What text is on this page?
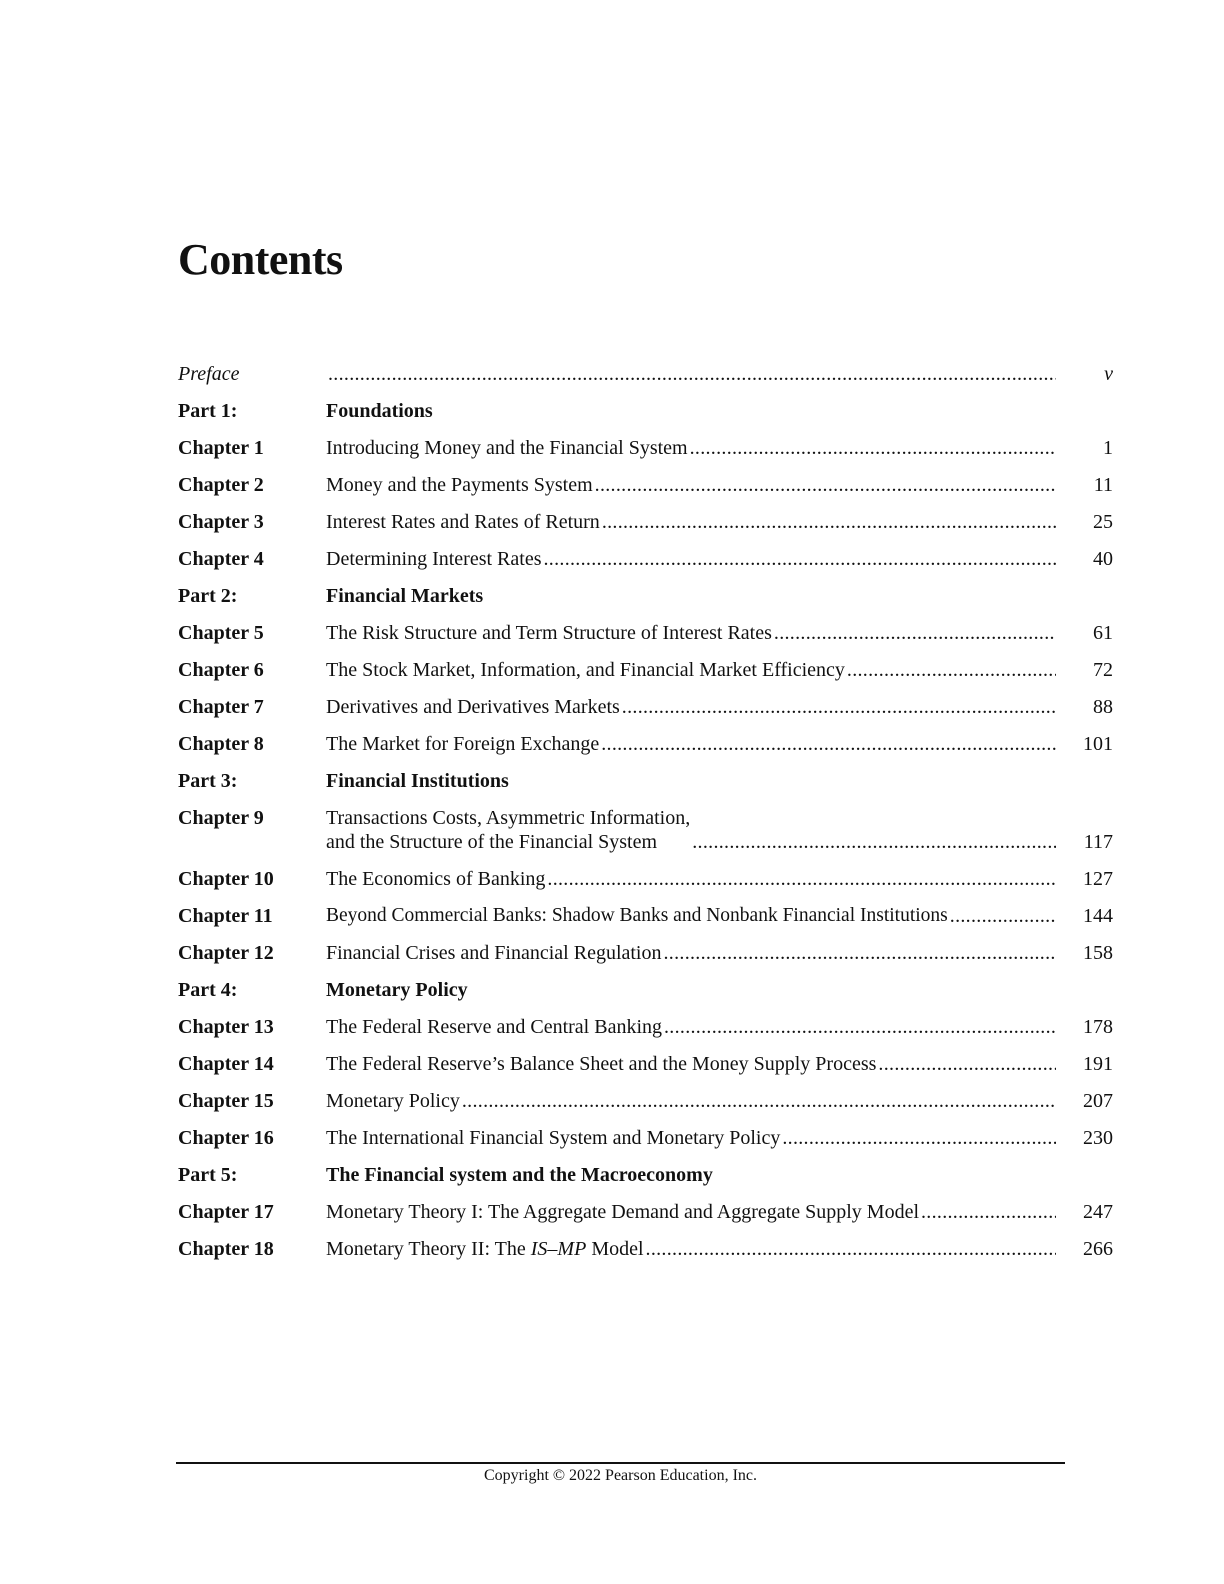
Contents
Preface .....	v
Part 1:	Foundations
Chapter 1	Introducing Money and the Financial System .....	1
Chapter 2	Money and the Payments System .....	11
Chapter 3	Interest Rates and Rates of Return .....	25
Chapter 4	Determining Interest Rates .....	40
Part 2:	Financial Markets
Chapter 5	The Risk Structure and Term Structure of Interest Rates .....	61
Chapter 6	The Stock Market, Information, and Financial Market Efficiency .....	72
Chapter 7	Derivatives and Derivatives Markets .....	88
Chapter 8	The Market for Foreign Exchange .....	101
Part 3:	Financial Institutions
Chapter 9	Transactions Costs, Asymmetric Information,
and the Structure of the Financial System .....	117
Chapter 10	The Economics of Banking .....	127
Chapter 11	Beyond Commercial Banks: Shadow Banks and Nonbank Financial Institutions .....	144
Chapter 12	Financial Crises and Financial Regulation .....	158
Part 4:	Monetary Policy
Chapter 13	The Federal Reserve and Central Banking .....	178
Chapter 14	The Federal Reserve’s Balance Sheet and the Money Supply Process .....	191
Chapter 15	Monetary Policy .....	207
Chapter 16	The International Financial System and Monetary Policy .....	230
Part 5:	The Financial system and the Macroeconomy
Chapter 17	Monetary Theory I: The Aggregate Demand and Aggregate Supply Model .....	247
Chapter 18	Monetary Theory II: The IS–MP Model .....	266
Copyright © 2022 Pearson Education, Inc.
